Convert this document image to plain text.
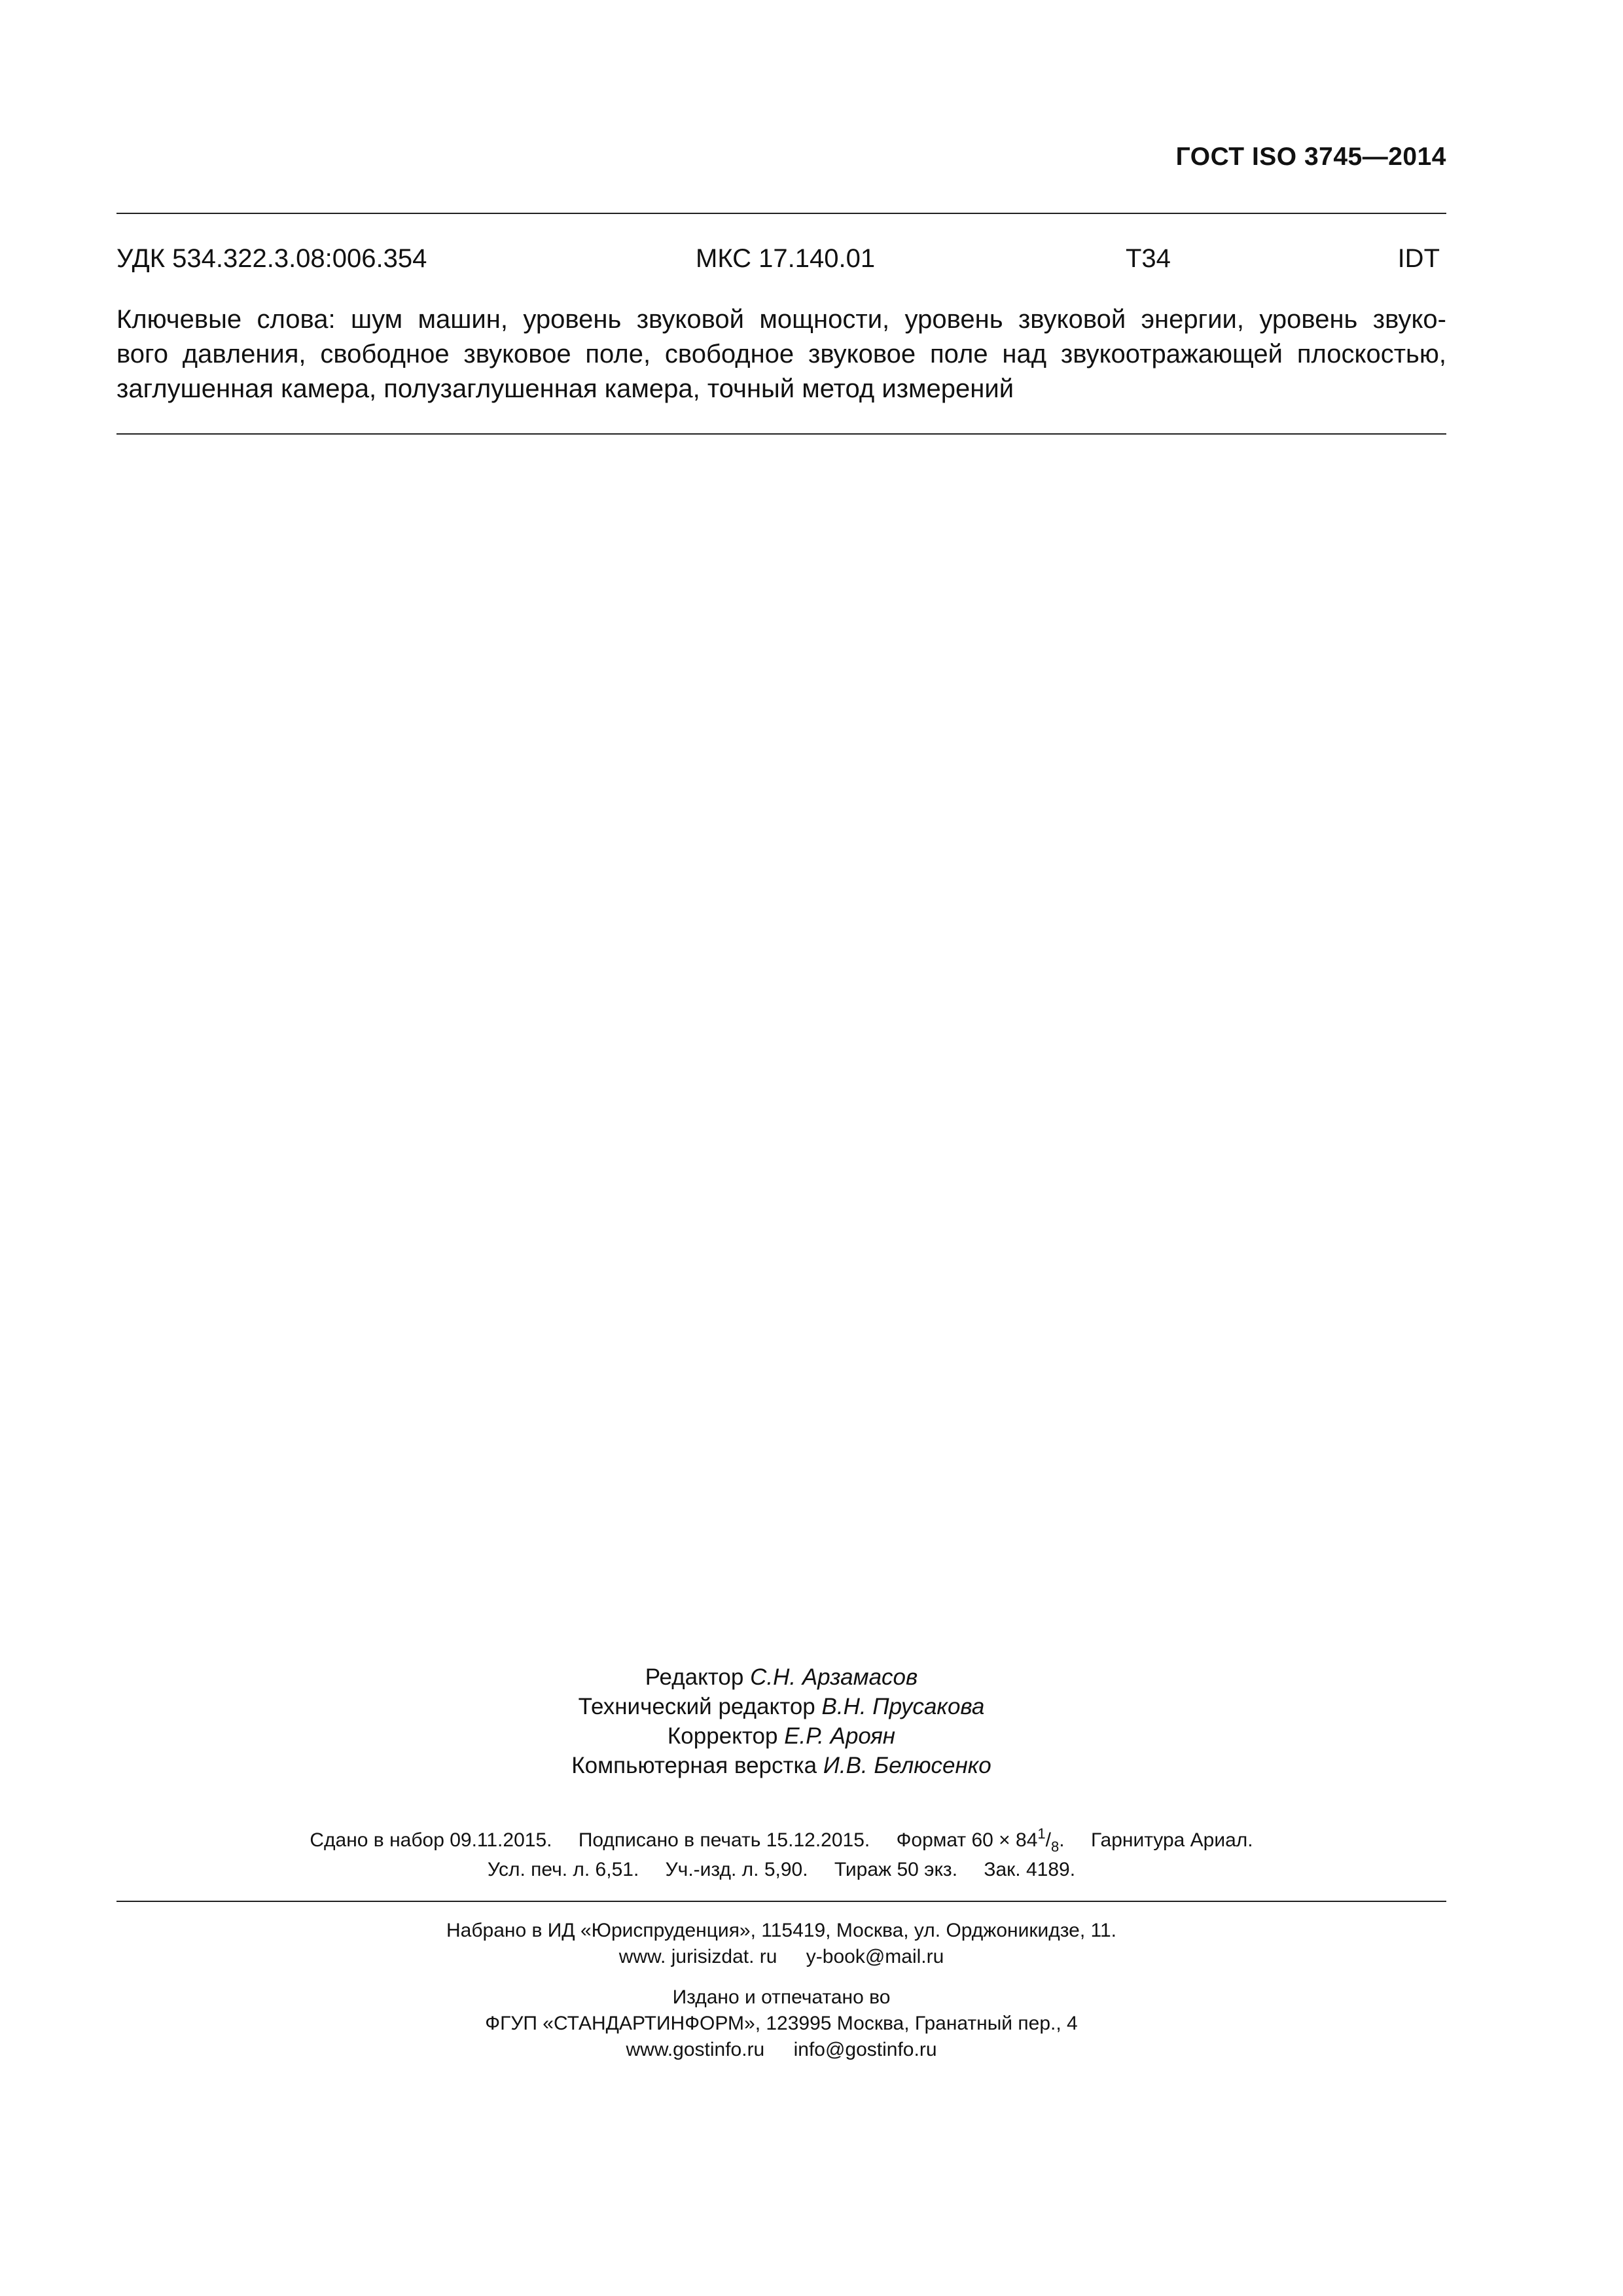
ГОСТ ISO 3745—2014
УДК 534.322.3.08:006.354	МКС 17.140.01	T34	IDT

Ключевые слова: шум машин, уровень звуковой мощности, уровень звуковой энергии, уровень звуко-

вого давления, свободное звуковое поле, свободное звуковое поле над звукоотражающей плоскостью,

заглушенная камера, полузаглушенная камера, точный метод измерений

Редактор С.Н. Арзамасов

Технический редактор В.Н. Прусакова

Корректор Е.Р. Ароян

Компьютерная верстка И.В. Белюсенко

Сдано в набор 09.11.2015. Подписано в печать 15.12.2015. Формат $60 \times 84^1/_8$. Гарнитура Ариал.

Усл. печ. л. 6,51. Уч.-изд. л. 5,90. Тираж 50 экз. Зак. 4189.

Набрано в ИД «Юриспруденция», 115419, Москва, ул. Орджоникидзе, 11.

www. jurisizdat. ru y-book@mail.ru

Издано и отпечатано во

ФГУП «СТАНДАРТИНФОРМ», 123995 Москва, Гранатный пер., 4

www.gostinfo.ru info@gostinfo.ru
